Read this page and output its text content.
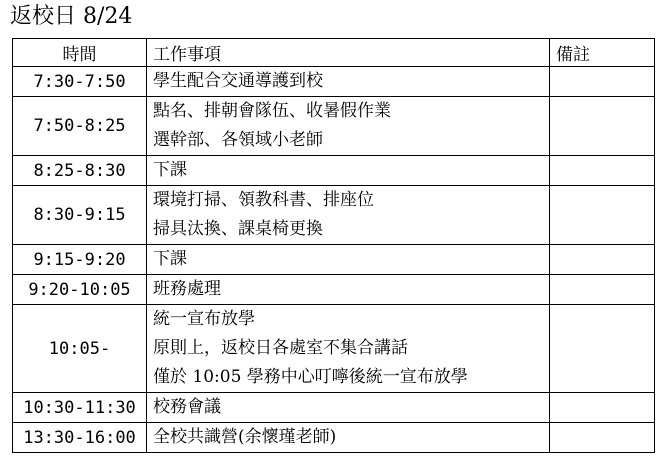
返校日 8/24
時間	工作事項	備註
7:30-7:50	學生配合交通導護到校	

7:50-8:25	點名、排朝會隊伍、收暑假作業
選幹部、各領域小老師	

8:25-8:30	下課	

8:30-9:15	環境打掃、領教科書、排座位
掃具汰換、課桌椅更換	

9:15-9:20	下課	

9:20-10:05	班務處理	

10:05-	統一宣布放學
原則上，返校日各處室不集合講話
僅於 10:05 學務中心叮嚀後統一宣布放學	

10:30-11:30	校務會議	

13:30-16:00	全校共識營(余懷瑾老師)	
